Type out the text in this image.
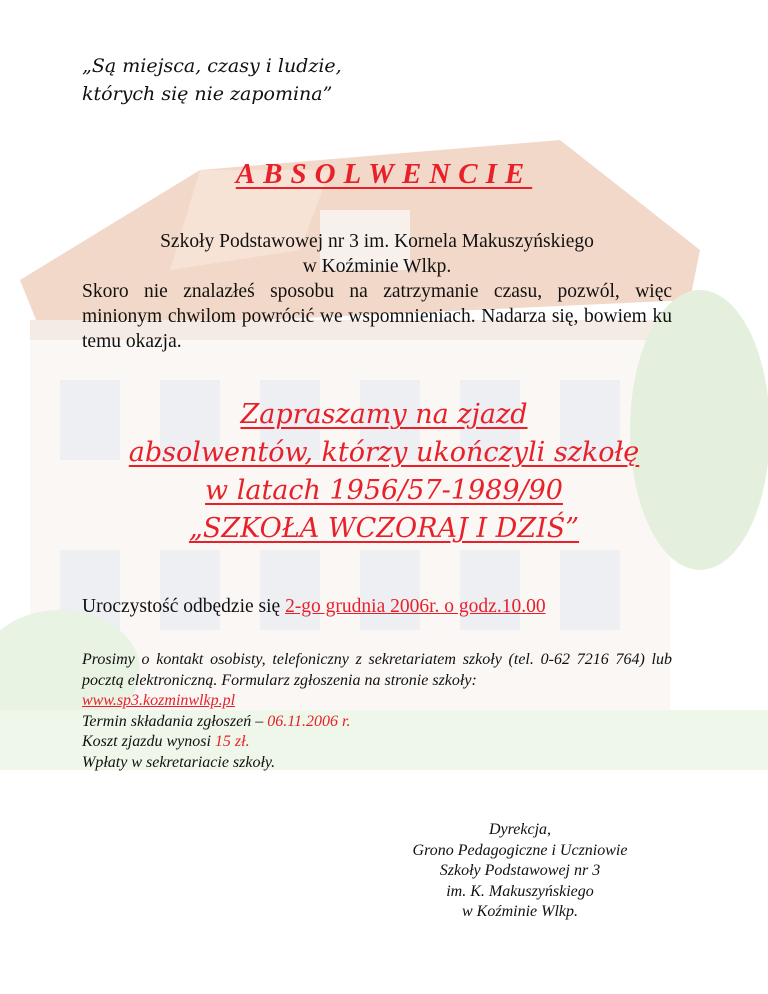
„Są miejsca, czasy i ludzie,
których się nie zapomina”
ABSOLWENCIE
Szkoły Podstawowej nr 3 im. Kornela Makuszyńskiego
w Koźminie Wlkp.
Skoro nie znalazłeś sposobu na zatrzymanie czasu, pozwól, więc minionym chwilom powrócić we wspomnieniach. Nadarza się, bowiem ku temu okazja.
Zapraszamy na zjazd
absolwentów, którzy ukończyli szkołę
w latach 1956/57-1989/90
„SZKOŁA WCZORAJ I DZIŚ”
Uroczystość odbędzie się 2-go grudnia 2006r. o godz.10.00
Prosimy o kontakt osobisty, telefoniczny z sekretariatem szkoły (tel. 0-62 7216 764) lub pocztą elektroniczną. Formularz zgłoszenia na stronie szkoły:
www.sp3.kozminwlkp.pl
Termin składania zgłoszeń – 06.11.2006 r.
Koszt zjazdu wynosi 15 zł.
Wpłaty w sekretariacie szkoły.
Dyrekcja,
Grono Pedagogiczne i Uczniowie
Szkoły Podstawowej nr 3
im. K. Makuszyńskiego
w Koźminie Wlkp.
